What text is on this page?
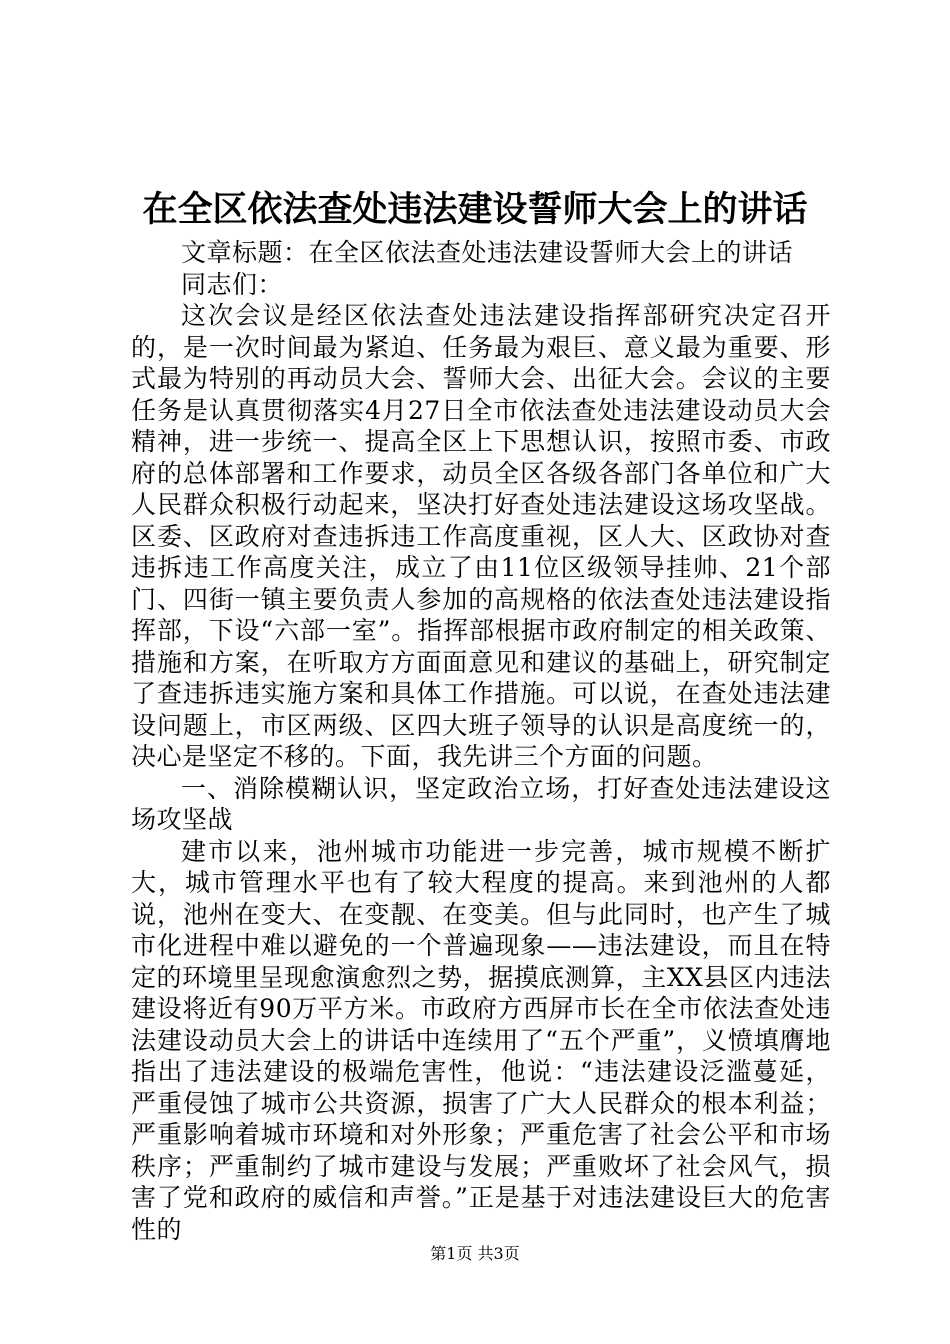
在全区依法查处违法建设誓师大会上的讲话

文章标题：在全区依法查处违法建设誓师大会上的讲话

同志们：

这次会议是经区依法查处违法建设指挥部研究决定召开的，是一次时间最为紧迫、任务最为艰巨、意义最为重要、形式最为特别的再动员大会、誓师大会、出征大会。会议的主要任务是认真贯彻落实4月27日全市依法查处违法建设动员大会精神，进一步统一、提高全区上下思想认识，按照市委、市政府的总体部署和工作要求，动员全区各级各部门各单位和广大人民群众积极行动起来，坚决打好查处违法建设这场攻坚战。区委、区政府对查违拆违工作高度重视，区人大、区政协对查违拆违工作高度关注，成立了由11位区级领导挂帅、21个部门、四街一镇主要负责人参加的高规格的依法查处违法建设指挥部，下设“六部一室”。指挥部根据市政府制定的相关政策、措施和方案，在听取方方面面意见和建议的基础上，研究制定了查违拆违实施方案和具体工作措施。可以说，在查处违法建设问题上，市区两级、区四大班子领导的认识是高度统一的，决心是坚定不移的。下面，我先讲三个方面的问题。

一、消除模糊认识，坚定政治立场，打好查处违法建设这场攻坚战

建市以来，池州城市功能进一步完善，城市规模不断扩大，城市管理水平也有了较大程度的提高。来到池州的人都说，池州在变大、在变靓、在变美。但与此同时，也产生了城市化进程中难以避免的一个普遍现象——违法建设，而且在特定的环境里呈现愈演愈烈之势，据摸底测算，主XX县区内违法建设将近有90万平方米。市政府方西屏市长在全市依法查处违法建设动员大会上的讲话中连续用了“五个严重”，义愤填膺地指出了违法建设的极端危害性，他说：“违法建设泛滥蔓延，严重侵蚀了城市公共资源，损害了广大人民群众的根本利益；严重影响着城市环境和对外形象；严重危害了社会公平和市场秩序；严重制约了城市建设与发展；严重败坏了社会风气，损害了党和政府的威信和声誉。”正是基于对违法建设巨大的危害性的

第1页 共3页
